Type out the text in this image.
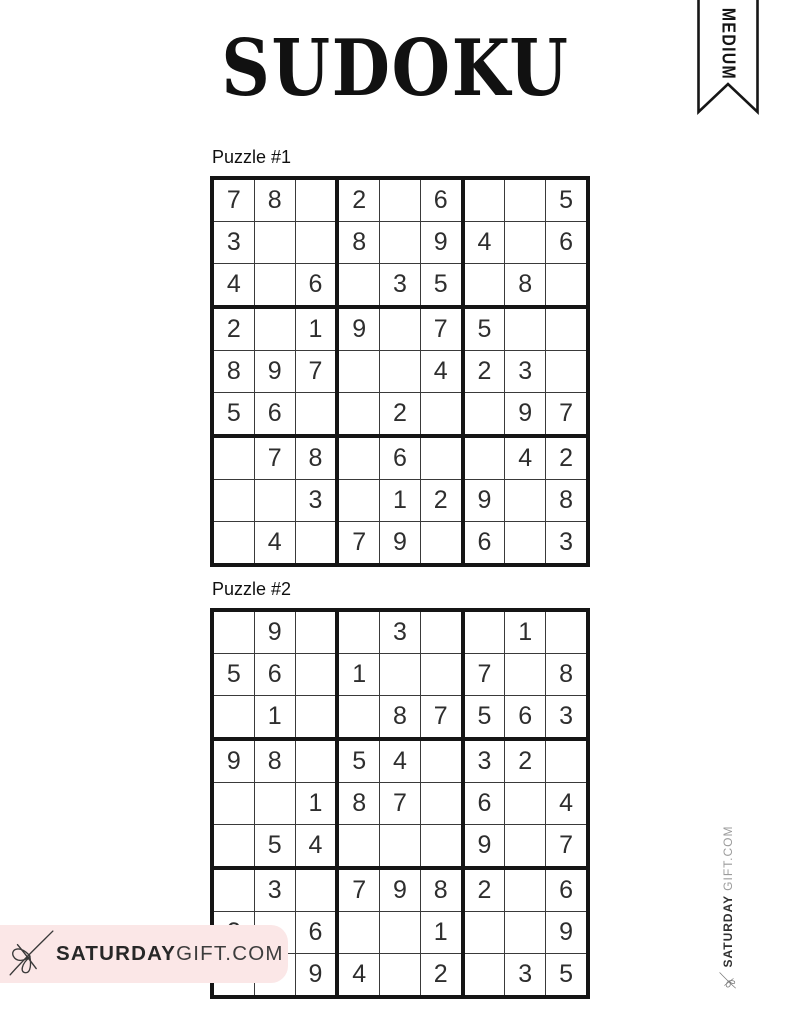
SUDOKU	MEDIUM
Puzzle #1
7	8		2		6			5
3			8		9	4		6
4		6		3	5		8	
2		1	9		7	5		
8	9	7			4	2	3	
5	6			2			9	7
	7	8		6			4	2
		3		1	2	9		8
	4		7	9		6		3
Puzzle #2
	9			3			1	
5	6		1			7		8
	1			8	7	5	6	3
9	8		5	4		3	2	
		1	8	7		6		4
	5	4				9		7
	3		7	9	8	2		6
		6			1			9
		9	4		2		3	5
SATURDAYGIFT.COM	SATURDAY
GIFT.COM
